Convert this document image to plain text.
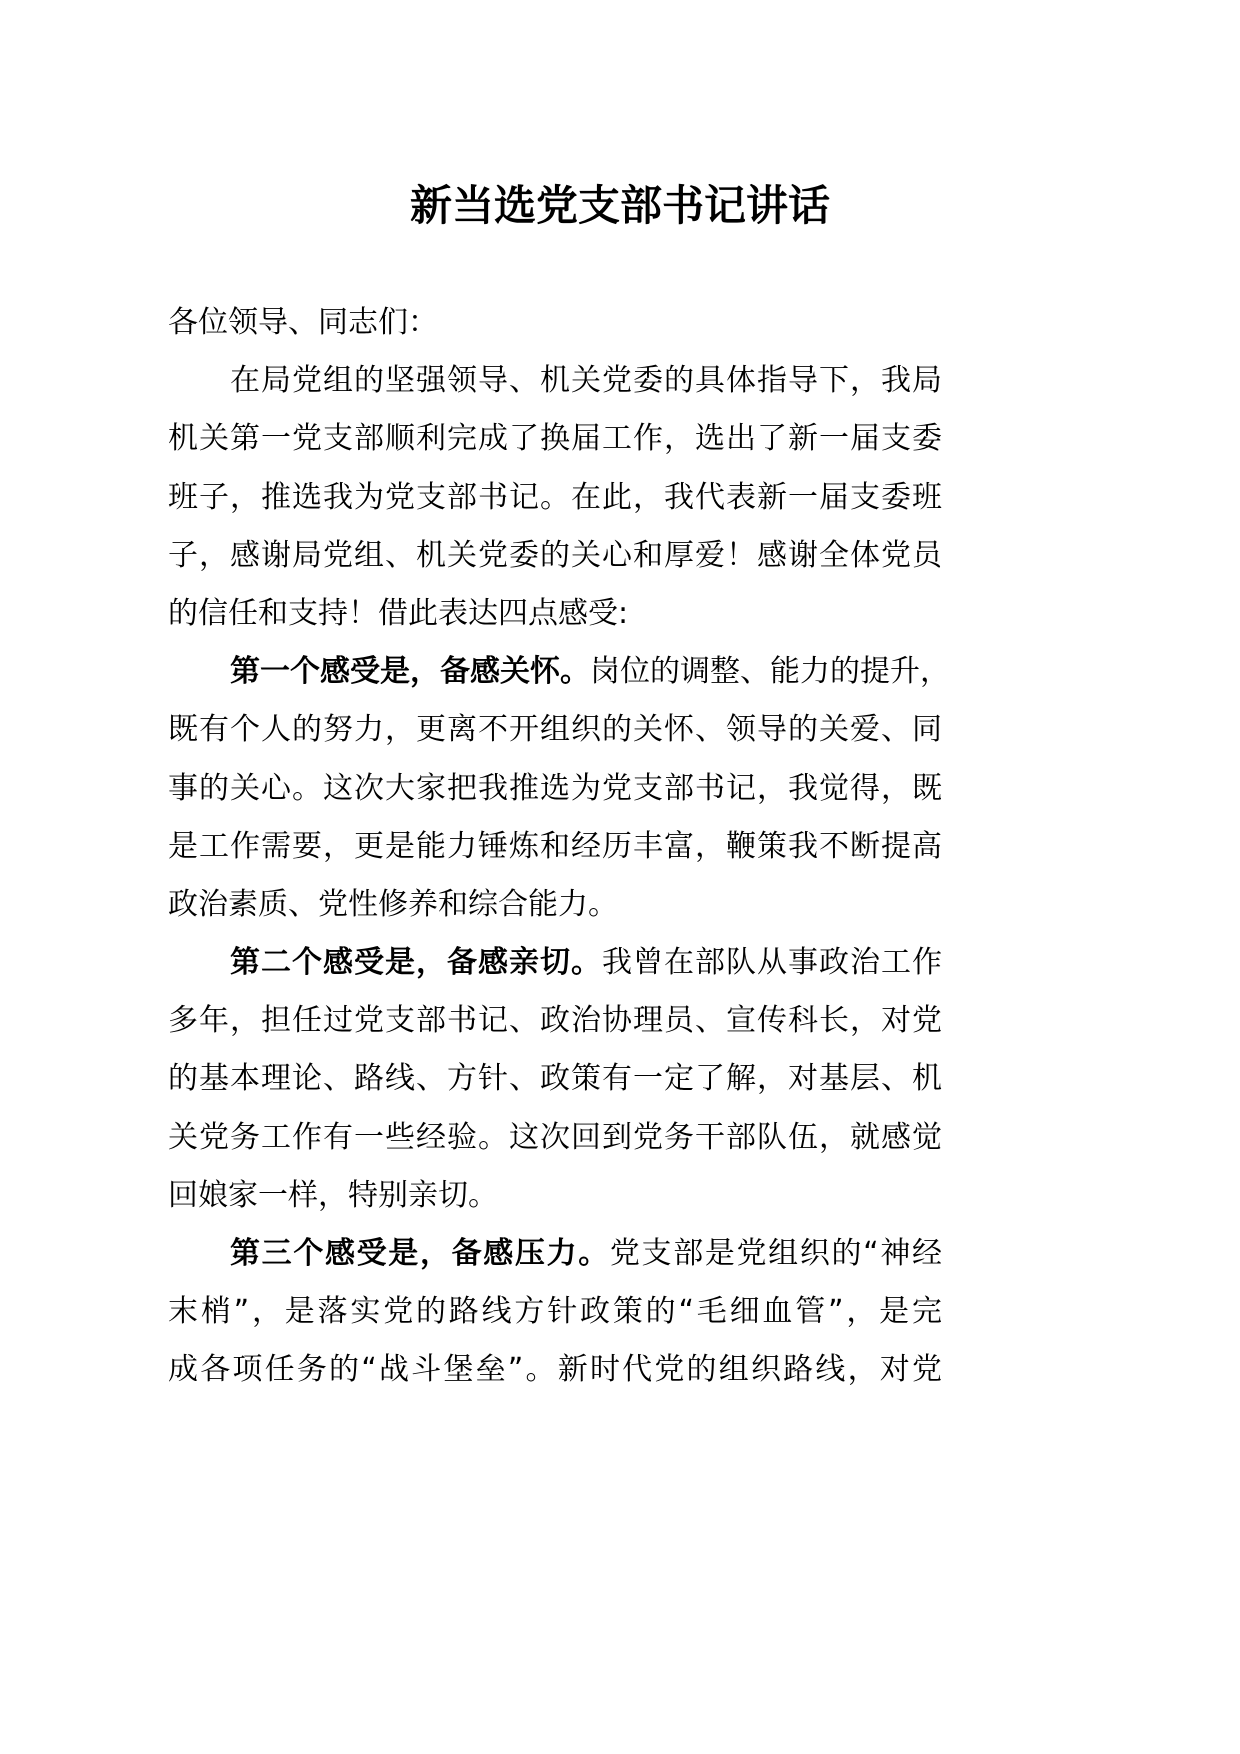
新当选党支部书记讲话
各位领导、同志们：
在局党组的坚强领导、机关党委的具体指导下，我局
机关第一党支部顺利完成了换届工作，选出了新一届支委
班子，推选我为党支部书记。在此，我代表新一届支委班
子，感谢局党组、机关党委的关心和厚爱！感谢全体党员
的信任和支持！借此表达四点感受:
第一个感受是，备感关怀。岗位的调整、能力的提升，
既有个人的努力，更离不开组织的关怀、领导的关爱、同
事的关心。这次大家把我推选为党支部书记，我觉得，既
是工作需要，更是能力锤炼和经历丰富，鞭策我不断提高
政治素质、党性修养和综合能力。
第二个感受是，备感亲切。我曾在部队从事政治工作
多年，担任过党支部书记、政治协理员、宣传科长，对党
的基本理论、路线、方针、政策有一定了解，对基层、机
关党务工作有一些经验。这次回到党务干部队伍，就感觉
回娘家一样，特别亲切。
第三个感受是，备感压力。党支部是党组织的“神经
末梢”，是落实党的路线方针政策的“毛细血管”，是完
成各项任务的“战斗堡垒”。新时代党的组织路线，对党
